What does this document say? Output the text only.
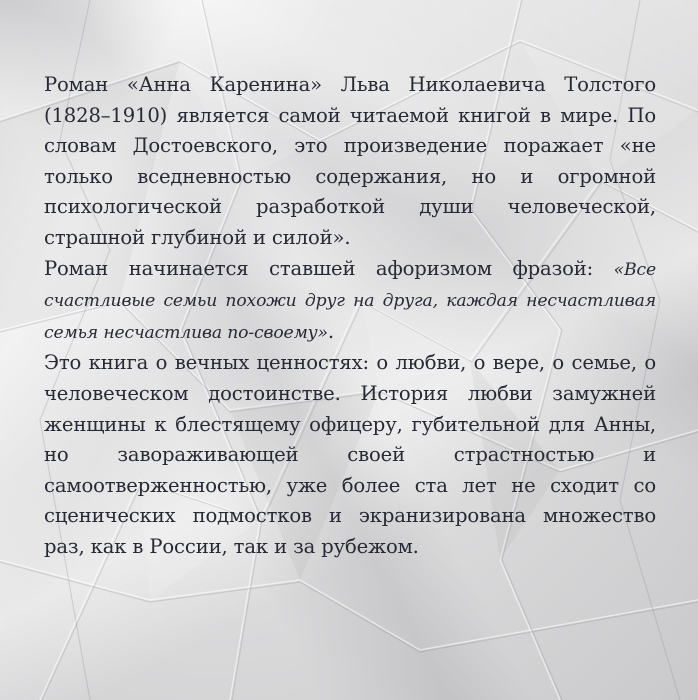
Роман «Анна Каренина» Льва Николаевича Толстого (1828–1910) является самой читаемой книгой в мире. По словам Достоевского, это произведение поражает «не только вседневностью содержания, но и огромной психологической разработкой души человеческой, страшной глубиной и силой».

Роман начинается ставшей афоризмом фразой: «Все счастливые семьи похожи друг на друга, каждая несчастливая семья несчастлива по-своему».

Это книга о вечных ценностях: о любви, о вере, о семье, о человеческом достоинстве. История любви замужней женщины к блестящему офицеру, губительной для Анны, но завораживающей своей страстностью и самоотверженностью, уже более ста лет не сходит со сценических подмостков и экранизирована множество раз, как в России, так и за рубежом.
